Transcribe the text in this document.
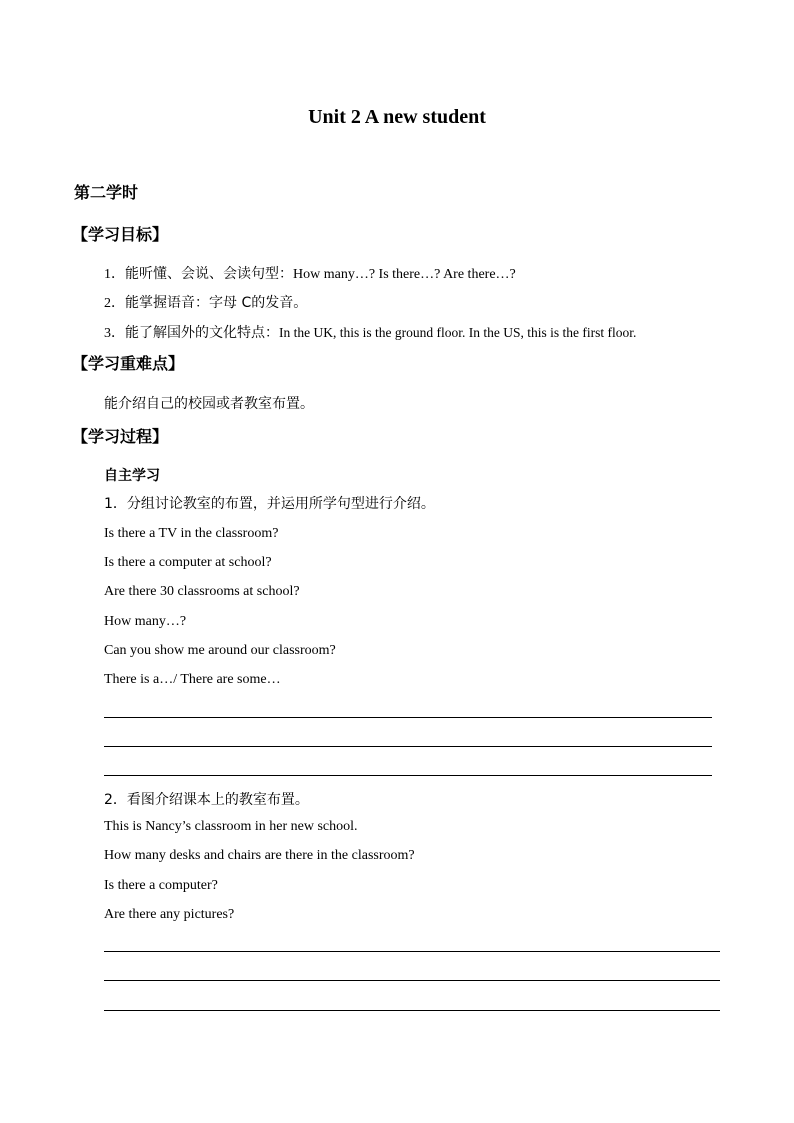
Unit 2 A new student
第二学时
【学习目标】
1．能听懂、会说、会读句型：How many…? Is there…? Are there…?
2．能掌握语音：字母 C的发音。
3．能了解国外的文化特点：In the UK, this is the ground floor. In the US, this is the first floor.
【学习重难点】
能介绍自己的校园或者教室布置。
【学习过程】
自主学习
1．分组讨论教室的布置，并运用所学句型进行介绍。
Is there a TV in the classroom?
Is there a computer at school?
Are there 30 classrooms at school?
How many…?
Can you show me around our classroom?
There is a…/ There are some…
2．看图介绍课本上的教室布置。
This is Nancy’s classroom in her new school.
How many desks and chairs are there in the classroom?
Is there a computer?
Are there any pictures?
